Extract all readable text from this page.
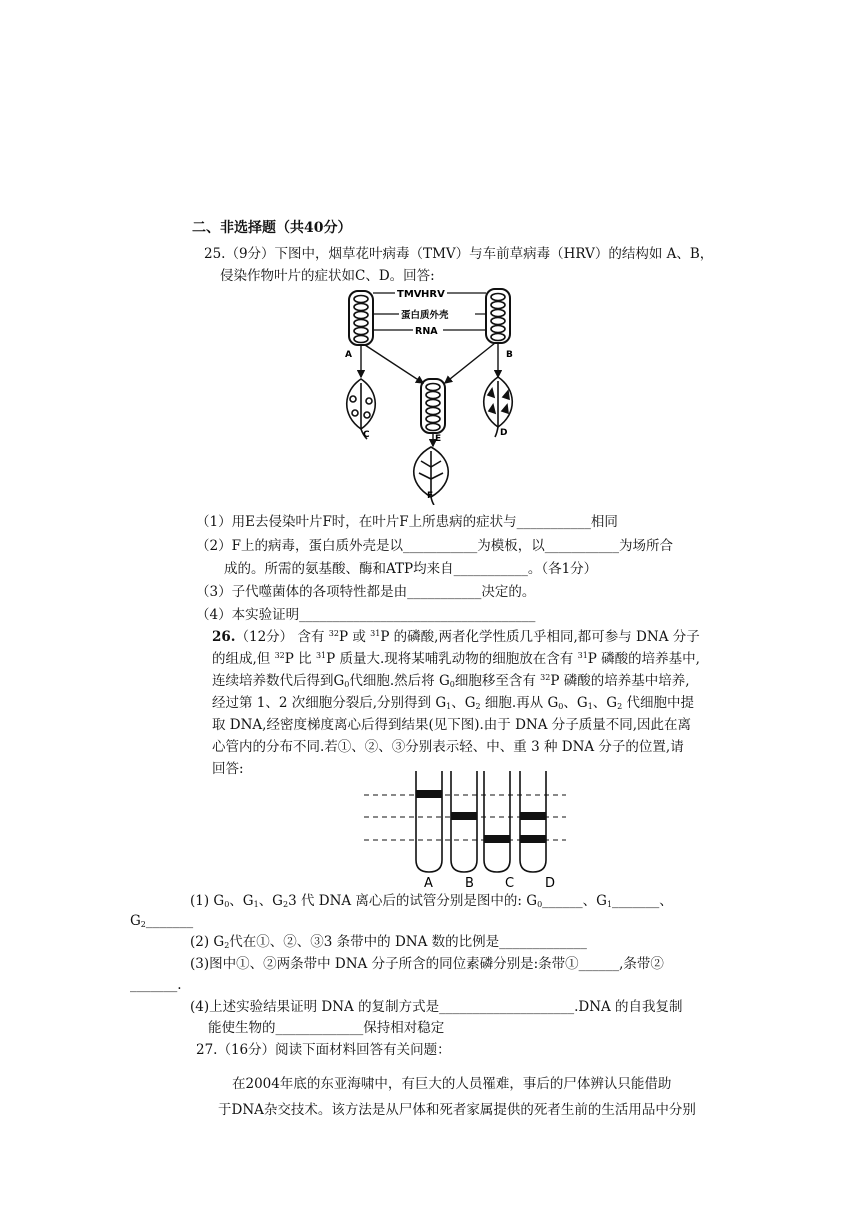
二、非选择题（共40分）
25.（9分）下图中，烟草花叶病毒（TMV）与车前草病毒（HRV）的结构如 A、B，
侵染作物叶片的症状如C、D。回答:
TMV HRV
蛋白质外壳
RNA
A	B
C	D
E
F
（1）用E去侵染叶片F时，在叶片F上所患病的症状与___________相同
（2）F上的病毒，蛋白质外壳是以___________为模板，以___________为场所合
成的。所需的氨基酸、酶和ATP均来自___________。（各1分）
（3）子代噬菌体的各项特性都是由___________决定的。
（4）本实验证明___________________________________
26.（12分） 含有 $^{32}$P 或 $^{31}$P 的磷酸,两者化学性质几乎相同,都可参与 DNA 分子
的组成,但 $^{32}$P 比 $^{31}$P 质量大.现将某哺乳动物的细胞放在含有 $^{31}$P 磷酸的培养基中,
连续培养数代后得到$G_0$代细胞.然后将 $G_0$细胞移至含有 $^{32}$P 磷酸的培养基中培养,
经过第 1、2 次细胞分裂后,分别得到 $G_1$、$G_2$ 细胞.再从 $G_0$、$G_1$、$G_2$ 代细胞中提
取 DNA,经密度梯度离心后得到结果(见下图).由于 DNA 分子质量不同,因此在离
心管内的分布不同.若①、②、③分别表示轻、中、重 3 种 DNA 分子的位置,请
回答:
A B C D
(1) $G_0$、$G_1$、$G_23$ 代 DNA 离心后的试管分别是图中的: $G_0\_\_\_\_\_\_$、$G_1\_\_\_\_\_\_\_$、
$G_2\_\_\_\_\_\_\_$
(2) $G_2$代在①、②、③3 条带中的 DNA 数的比例是_____________
(3)图中①、②两条带中 DNA 分子所含的同位素磷分别是:条带①______,条带②
_______.
(4)上述实验结果证明 DNA 的复制方式是____________________.DNA 的自我复制
能使生物的_____________保持相对稳定
27.（16分）阅读下面材料回答有关问题：
在2004年底的东亚海啸中，有巨大的人员罹难，事后的尸体辨认只能借助
于DNA杂交技术。该方法是从尸体和死者家属提供的死者生前的生活用品中分别
